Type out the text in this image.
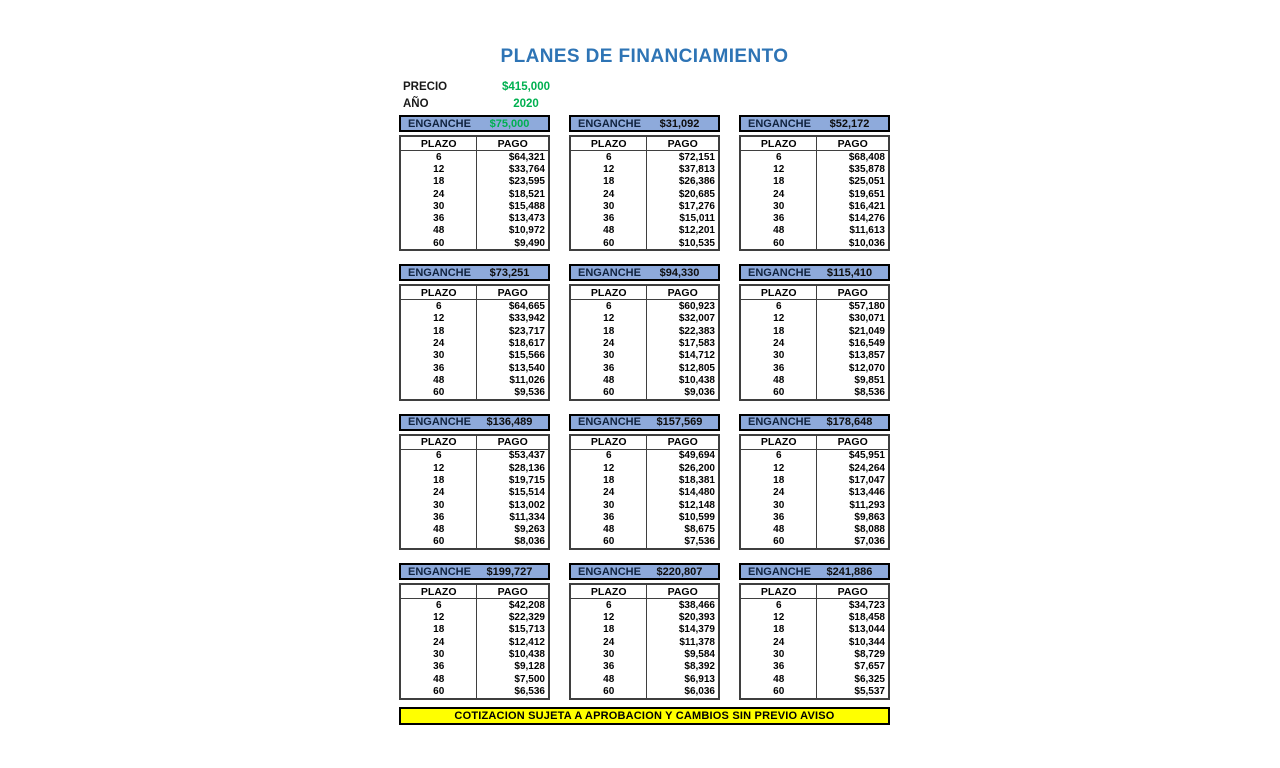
PLANES DE FINANCIAMIENTO
PRECIO	$415,000
AÑO	2020
ENGANCHE	$75,000
PLAZO	PAGO
6	$64,321
12	$33,764
18	$23,595
24	$18,521
30	$15,488
36	$13,473
48	$10,972
60	$9,490
ENGANCHE	$31,092
PLAZO	PAGO
6	$72,151
12	$37,813
18	$26,386
24	$20,685
30	$17,276
36	$15,011
48	$12,201
60	$10,535
ENGANCHE	$52,172
PLAZO	PAGO
6	$68,408
12	$35,878
18	$25,051
24	$19,651
30	$16,421
36	$14,276
48	$11,613
60	$10,036
ENGANCHE	$73,251
PLAZO	PAGO
6	$64,665
12	$33,942
18	$23,717
24	$18,617
30	$15,566
36	$13,540
48	$11,026
60	$9,536
ENGANCHE	$94,330
PLAZO	PAGO
6	$60,923
12	$32,007
18	$22,383
24	$17,583
30	$14,712
36	$12,805
48	$10,438
60	$9,036
ENGANCHE	$115,410
PLAZO	PAGO
6	$57,180
12	$30,071
18	$21,049
24	$16,549
30	$13,857
36	$12,070
48	$9,851
60	$8,536
ENGANCHE	$136,489
PLAZO	PAGO
6	$53,437
12	$28,136
18	$19,715
24	$15,514
30	$13,002
36	$11,334
48	$9,263
60	$8,036
ENGANCHE	$157,569
PLAZO	PAGO
6	$49,694
12	$26,200
18	$18,381
24	$14,480
30	$12,148
36	$10,599
48	$8,675
60	$7,536
ENGANCHE	$178,648
PLAZO	PAGO
6	$45,951
12	$24,264
18	$17,047
24	$13,446
30	$11,293
36	$9,863
48	$8,088
60	$7,036
ENGANCHE	$199,727
PLAZO	PAGO
6	$42,208
12	$22,329
18	$15,713
24	$12,412
30	$10,438
36	$9,128
48	$7,500
60	$6,536
ENGANCHE	$220,807
PLAZO	PAGO
6	$38,466
12	$20,393
18	$14,379
24	$11,378
30	$9,584
36	$8,392
48	$6,913
60	$6,036
ENGANCHE	$241,886
PLAZO	PAGO
6	$34,723
12	$18,458
18	$13,044
24	$10,344
30	$8,729
36	$7,657
48	$6,325
60	$5,537
COTIZACION SUJETA A APROBACION Y CAMBIOS SIN PREVIO AVISO
